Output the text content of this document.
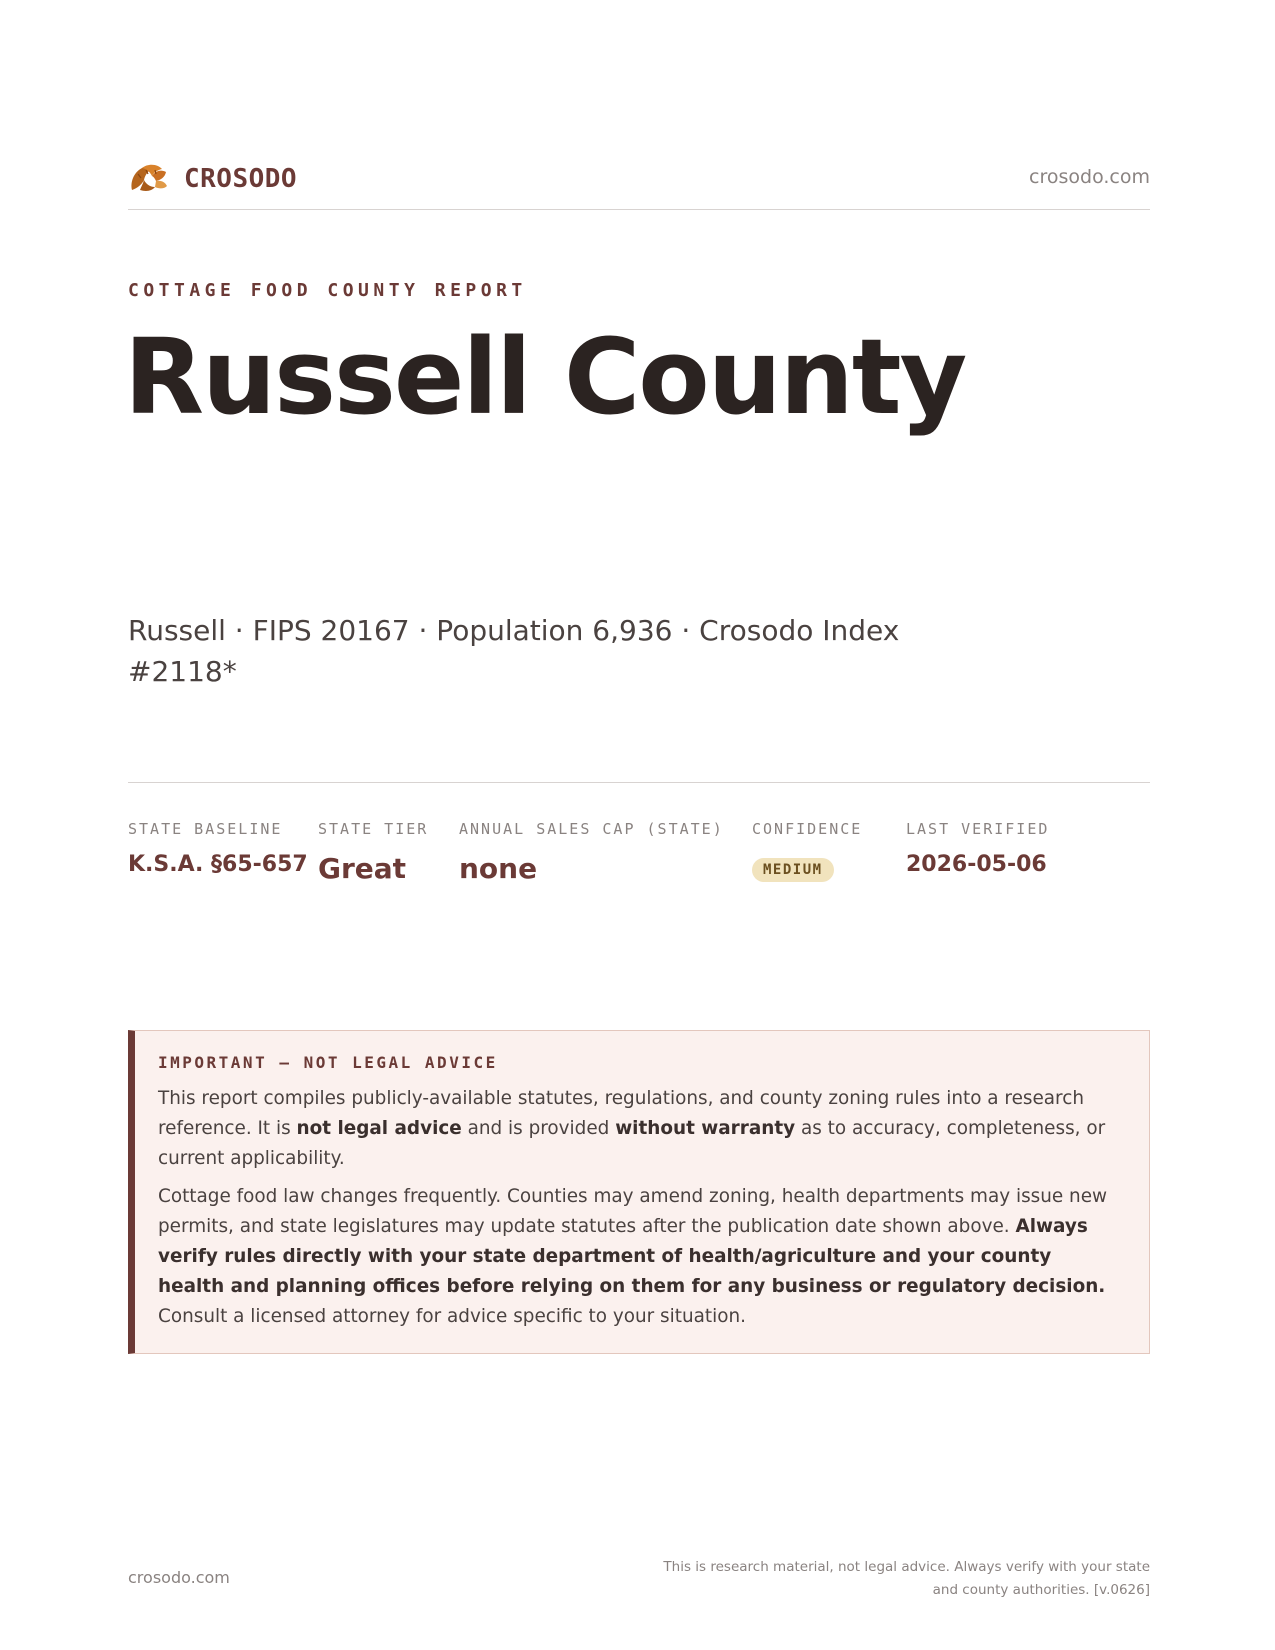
CROSODO	crosodo.com
COTTAGE FOOD COUNTY REPORT
Russell County
Russell · FIPS 20167 · Population 6,936 · Crosodo Index #2118*
STATE BASELINE
K.S.A. §65-657
STATE TIER
Great
ANNUAL SALES CAP (STATE)
none
CONFIDENCE
MEDIUM
LAST VERIFIED
2026-05-06
IMPORTANT — NOT LEGAL ADVICE

This report compiles publicly-available statutes, regulations, and county zoning rules into a research reference. It is not legal advice and is provided without warranty as to accuracy, completeness, or current applicability.

Cottage food law changes frequently. Counties may amend zoning, health departments may issue new permits, and state legislatures may update statutes after the publication date shown above. Always verify rules directly with your state department of health/agriculture and your county health and planning offices before relying on them for any business or regulatory decision. Consult a licensed attorney for advice specific to your situation.

crosodo.com
This is research material, not legal advice. Always verify with your state
and county authorities. [v.0626]
